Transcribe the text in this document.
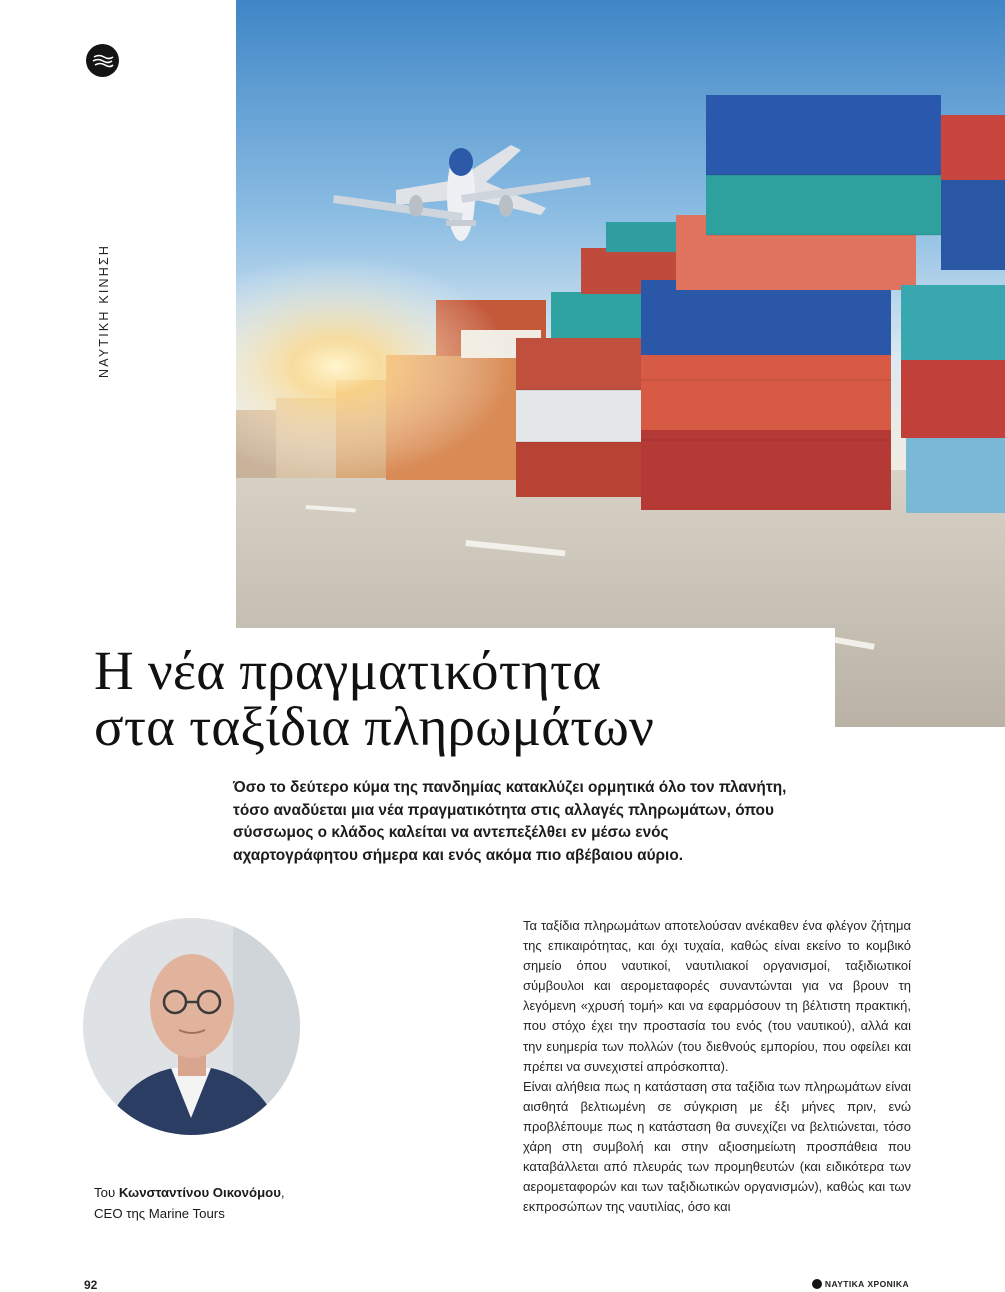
ΝΑΥΤΙΚΗ ΚΙΝΗΣΗ
Η νέα πραγματικότητα
στα ταξίδια πληρωμάτων

Όσο το δεύτερο κύμα της πανδημίας κατακλύζει ορμητικά όλο τον πλανήτη, τόσο αναδύεται μια νέα πραγματικότητα στις αλλαγές πληρωμάτων, όπου σύσσωμος ο κλάδος καλείται να αντεπεξέλθει εν μέσω ενός αχαρτογράφητου σήμερα και ενός ακόμα πιο αβέβαιου αύριο.

Του Κωνσταντίνου Οικονόμου,
CEO της Marine Tours

Τα ταξίδια πληρωμάτων αποτελούσαν ανέκαθεν ένα φλέγον ζήτημα της επικαιρότητας, και όχι τυχαία, καθώς είναι εκείνο το κομβικό σημείο όπου ναυτικοί, ναυτιλιακοί οργανισμοί, ταξιδιωτικοί σύμβουλοι και αερομεταφορές συναντώνται για να βρουν τη λεγόμενη «χρυσή τομή» και να εφαρμόσουν τη βέλτιστη πρακτική, που στόχο έχει την προστασία του ενός (του ναυτικού), αλλά και την ευημερία των πολλών (του διεθνούς εμπορίου, που οφείλει και πρέπει να συνεχιστεί απρόσκοπτα).

Είναι αλήθεια πως η κατάσταση στα ταξίδια των πληρωμάτων είναι αισθητά βελτιωμένη σε σύγκριση με έξι μήνες πριν, ενώ προβλέπουμε πως η κατάσταση θα συνεχίζει να βελτιώνεται, τόσο χάρη στη συμβολή και στην αξιοσημείωτη προσπάθεια που καταβάλλεται από πλευράς των προμηθευτών (και ειδικότερα των αερομεταφορών και των ταξιδιωτικών οργανισμών), καθώς και των εκπροσώπων της ναυτιλίας, όσο και

92	ΝΑΥΤΙΚΑ ΧΡΟΝΙΚΑ
